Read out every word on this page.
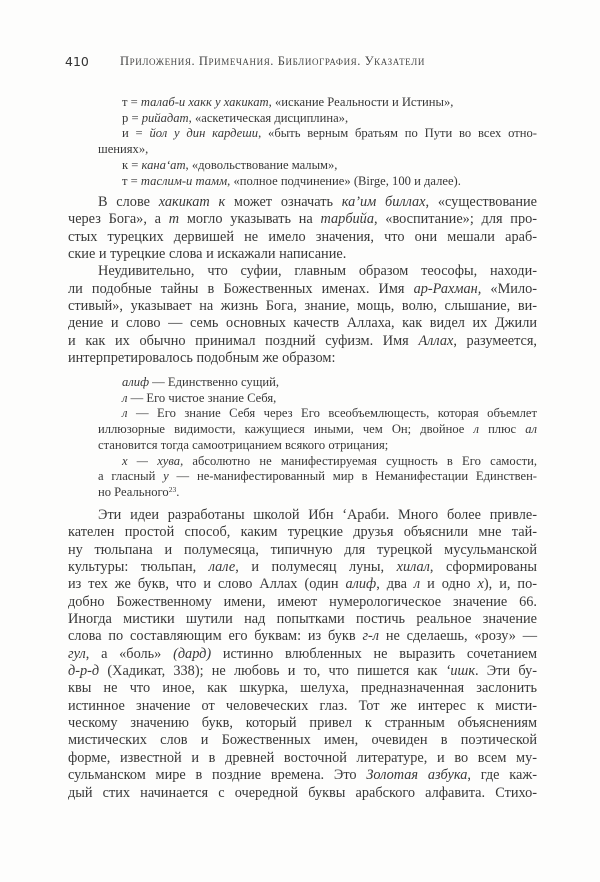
410 Приложения. Примечания. Библиография. Указатели
т = талаб-и хакк у хакикат, «искание Реальности и Истины»,
р = рийадат, «аскетическая дисциплина»,
и = йол у дин кардеши, «быть верным братьям по Пути во всех отно-
шениях»,
к = кана‘ат, «довольствование малым»,
т = таслим-и тамм, «полное подчинение» (Birge, 100 и далее).
В слове хакикат к может означать ка’им биллах, «существование
через Бога», а т могло указывать на тарбийа, «воспитание»; для про-
стых турецких дервишей не имело значения, что они мешали араб-
ские и турецкие слова и искажали написание.
Неудивительно, что суфии, главным образом теософы, находи-
ли подобные тайны в Божественных именах. Имя ар-Рахман, «Мило-
стивый», указывает на жизнь Бога, знание, мощь, волю, слышание, ви-
дение и слово — семь основных качеств Аллаха, как видел их Джили
и как их обычно принимал поздний суфизм. Имя Аллах, разумеется,
интерпретировалось подобным же образом:
алиф — Единственно сущий,
л — Его чистое знание Себя,
л — Его знание Себя через Его всеобъемлющесть, которая объемлет
иллюзорные видимости, кажущиеся иными, чем Он; двойное л плюс ал
становится тогда самоотрицанием всякого отрицания;
х — хува, абсолютно не манифестируемая сущность в Его самости,
а гласный у — не-манифестированный мир в Неманифестации Единствен-
но Реального$^{23}$.
Эти идеи разработаны школой Ибн ‘Араби. Много более привле-
кателен простой способ, каким турецкие друзья объяснили мне тай-
ну тюльпана и полумесяца, типичную для турецкой мусульманской
культуры: тюльпан, лале, и полумесяц луны, хилал, сформированы
из тех же букв, что и слово Аллах (один алиф, два л и одно х), и, по-
добно Божественному имени, имеют нумерологическое значение 66.
Иногда мистики шутили над попытками постичь реальное значение
слова по составляющим его буквам: из букв г-л не сделаешь, «розу» —
гул, а «боль» (дард) истинно влюбленных не выразить сочетанием
д-р-д (Хадикат, 338); не любовь и то, что пишется как ‘ишк. Эти бу-
квы не что иное, как шкурка, шелуха, предназначенная заслонить
истинное значение от человеческих глаз. Тот же интерес к мисти-
ческому значению букв, который привел к странным объяснениям
мистических слов и Божественных имен, очевиден в поэтической
форме, известной и в древней восточной литературе, и во всем му-
сульманском мире в поздние времена. Это Золотая азбука, где каж-
дый стих начинается с очередной буквы арабского алфавита. Стихо-
